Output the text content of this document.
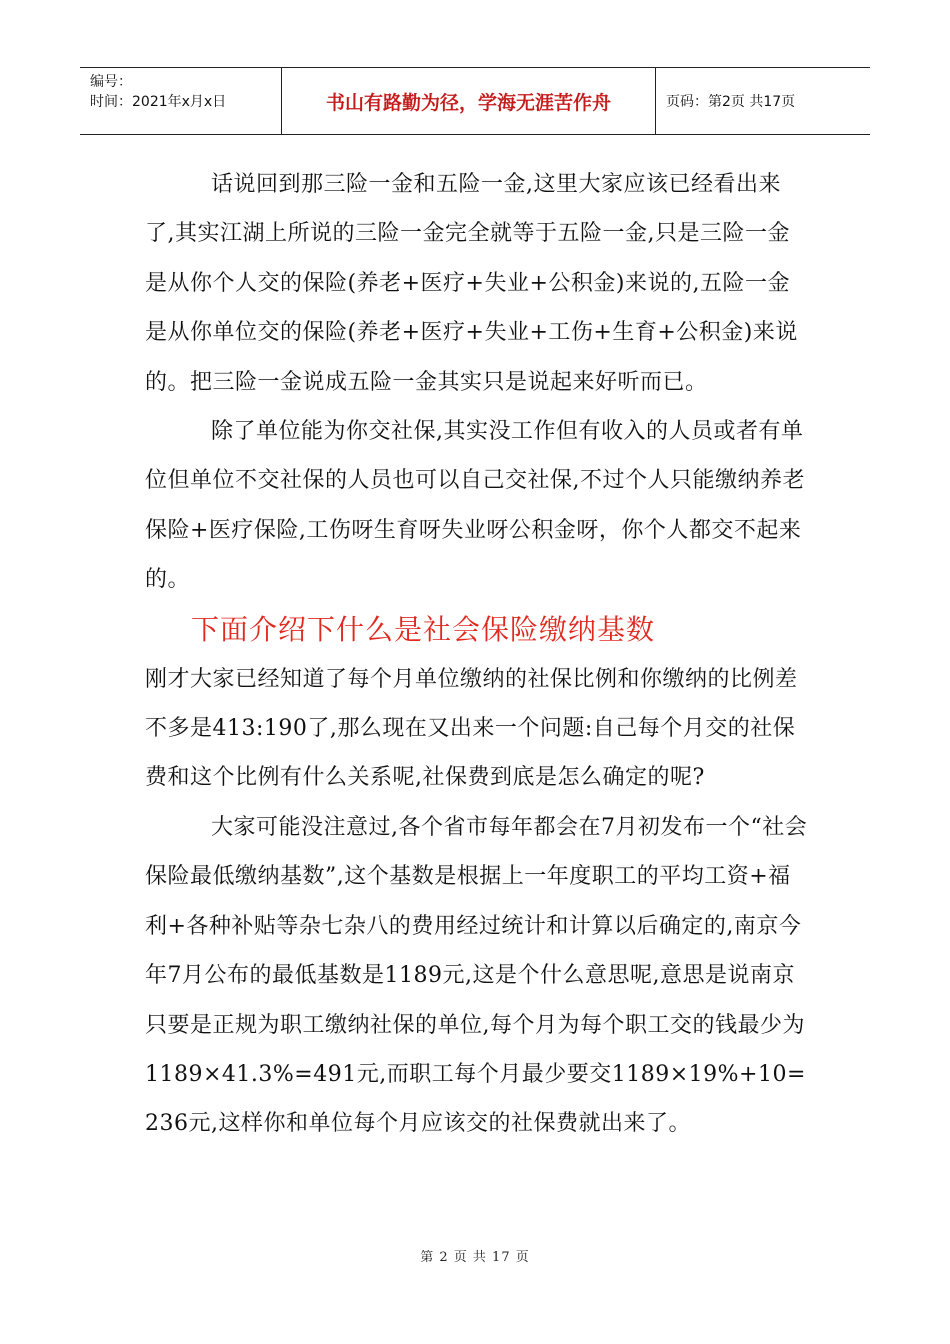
编号：
时间：2021年x月x日	书山有路勤为径，学海无涯苦作舟	页码：第2页 共17页

话说回到那三险一金和五险一金,这里大家应该已经看出来了,其实江湖上所说的三险一金完全就等于五险一金,只是三险一金是从你个人交的保险(养老+医疗+失业+公积金)来说的,五险一金是从你单位交的保险(养老+医疗+失业+工伤+生育+公积金)来说的。把三险一金说成五险一金其实只是说起来好听而已。

除了单位能为你交社保,其实没工作但有收入的人员或者有单位但单位不交社保的人员也可以自己交社保,不过个人只能缴纳养老保险+医疗保险,工伤呀生育呀失业呀公积金呀，你个人都交不起来的。

下面介绍下什么是社会保险缴纳基数

刚才大家已经知道了每个月单位缴纳的社保比例和你缴纳的比例差不多是413:190了,那么现在又出来一个问题:自己每个月交的社保费和这个比例有什么关系呢,社保费到底是怎么确定的呢?

大家可能没注意过,各个省市每年都会在7月初发布一个“社会保险最低缴纳基数”,这个基数是根据上一年度职工的平均工资+福利+各种补贴等杂七杂八的费用经过统计和计算以后确定的,南京今年7月公布的最低基数是1189元,这是个什么意思呢,意思是说南京只要是正规为职工缴纳社保的单位,每个月为每个职工交的钱最少为1189×41.3%=491元,而职工每个月最少要交1189×19%+10=236元,这样你和单位每个月应该交的社保费就出来了。

第 2 页 共 17 页
